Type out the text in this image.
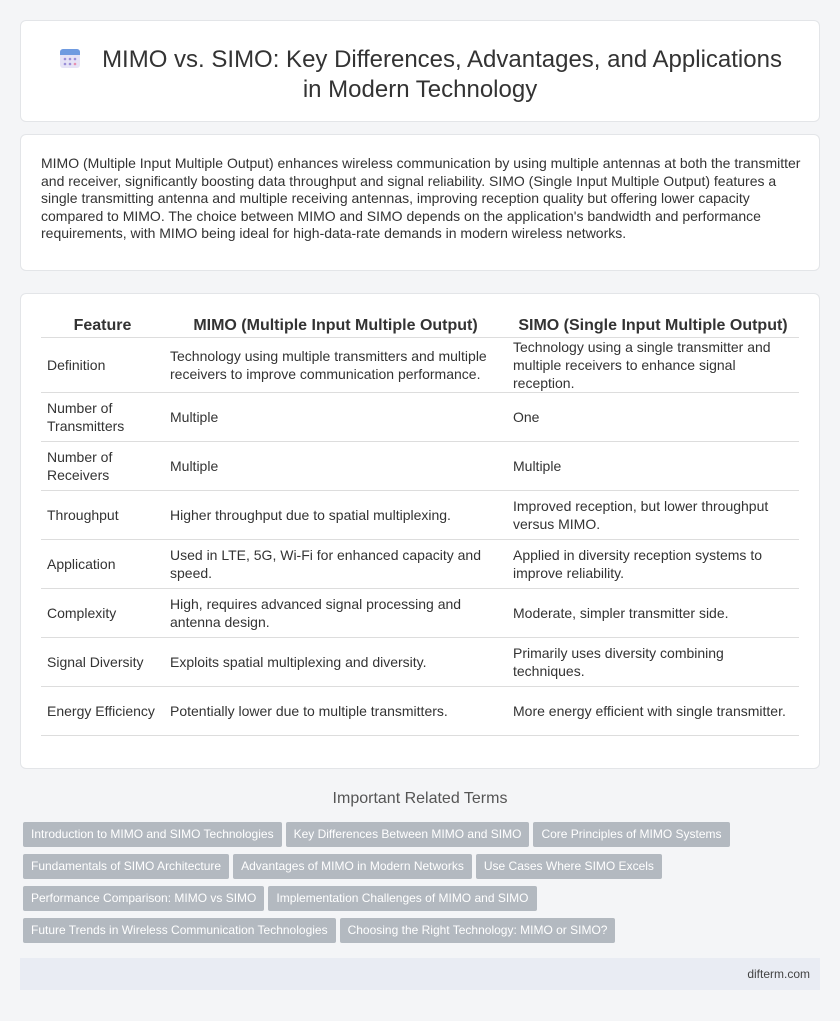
MIMO vs. SIMO: Key Differences, Advantages, and Applications in Modern Technology

MIMO (Multiple Input Multiple Output) enhances wireless communication by using multiple antennas at both the transmitter and receiver, significantly boosting data throughput and signal reliability. SIMO (Single Input Multiple Output) features a single transmitting antenna and multiple receiving antennas, improving reception quality but offering lower capacity compared to MIMO. The choice between MIMO and SIMO depends on the application's bandwidth and performance requirements, with MIMO being ideal for high-data-rate demands in modern wireless networks.

Feature	MIMO (Multiple Input Multiple Output)	SIMO (Single Input Multiple Output)
Definition	Technology using multiple transmitters and multiple receivers to improve communication performance.	Technology using a single transmitter and multiple receivers to enhance signal reception.
Number of Transmitters	Multiple	One
Number of Receivers	Multiple	Multiple
Throughput	Higher throughput due to spatial multiplexing.	Improved reception, but lower throughput versus MIMO.
Application	Used in LTE, 5G, Wi-Fi for enhanced capacity and speed.	Applied in diversity reception systems to improve reliability.
Complexity	High, requires advanced signal processing and antenna design.	Moderate, simpler transmitter side.
Signal Diversity	Exploits spatial multiplexing and diversity.	Primarily uses diversity combining techniques.
Energy Efficiency	Potentially lower due to multiple transmitters.	More energy efficient with single transmitter.
Important Related Terms
Introduction to MIMO and SIMO Technologies Key Differences Between MIMO and SIMO Core Principles of MIMO Systems
Fundamentals of SIMO Architecture Advantages of MIMO in Modern Networks Use Cases Where SIMO Excels
Performance Comparison: MIMO vs SIMO Implementation Challenges of MIMO and SIMO
Future Trends in Wireless Communication Technologies Choosing the Right Technology: MIMO or SIMO?
difterm.com
